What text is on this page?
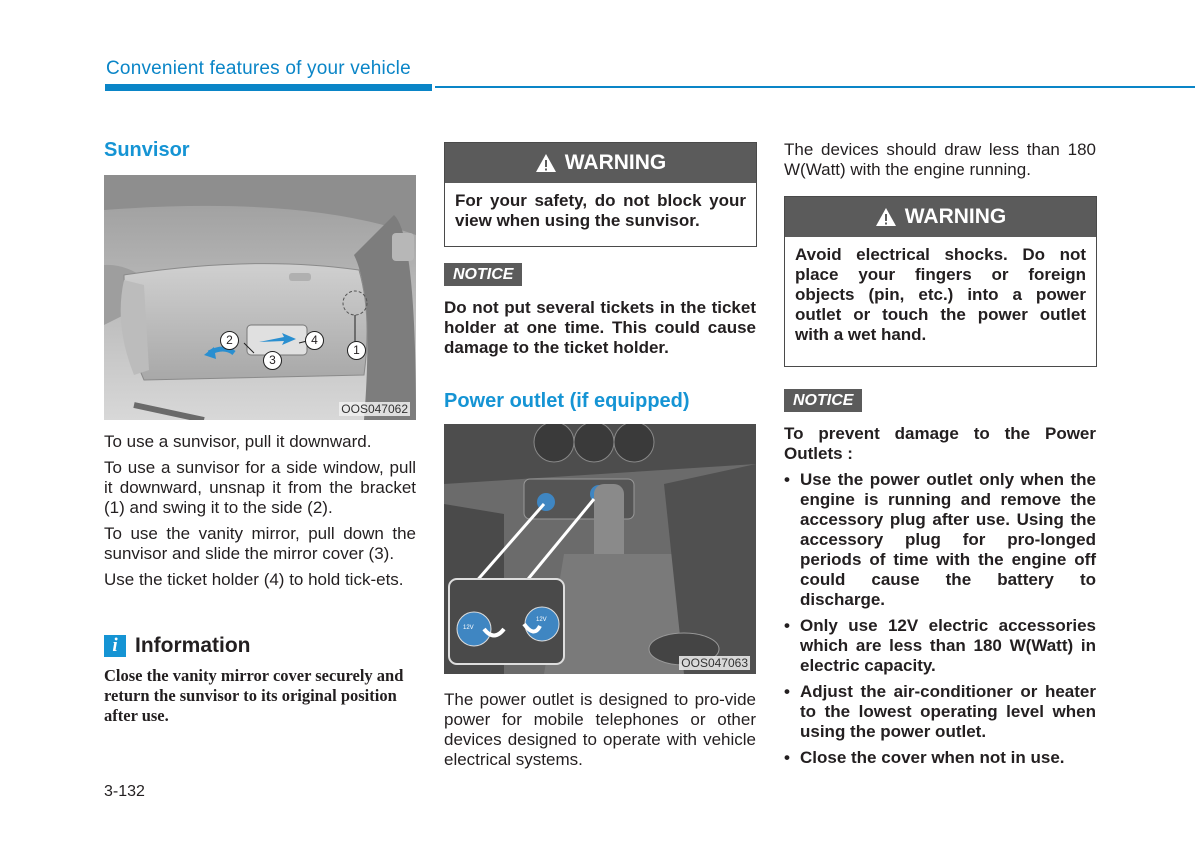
Convenient features of your vehicle
Sunvisor
1
2
3
4
OOS047062
To use a sunvisor, pull it downward.
To use a sunvisor for a side window, pull it downward, unsnap it from the bracket (1) and swing it to the side (2).
To use the vanity mirror, pull down the sunvisor and slide the mirror cover (3).
Use the ticket holder (4) to hold tick-ets.
i Information
Close the vanity mirror cover securely and return the sunvisor to its original position after use.
WARNING
For your safety, do not block your view when using the sunvisor.
NOTICE
Do not put several tickets in the ticket holder at one time. This could cause damage to the ticket holder.
Power outlet (if equipped)
12V
12V
OOS047063
The power outlet is designed to pro-vide power for mobile telephones or other devices designed to operate with vehicle electrical systems.
The devices should draw less than 180 W(Watt) with the engine running.
WARNING
Avoid electrical shocks. Do not place your fingers or foreign objects (pin, etc.) into a power outlet or touch the power outlet with a wet hand.
NOTICE
To prevent damage to the Power Outlets :
• Use the power outlet only when the engine is running and remove the accessory plug after use. Using the accessory plug for pro-longed periods of time with the engine off could cause the battery to discharge.
• Only use 12V electric accessories which are less than 180 W(Watt) in electric capacity.
• Adjust the air-conditioner or heater to the lowest operating level when using the power outlet.
• Close the cover when not in use.
3-132
